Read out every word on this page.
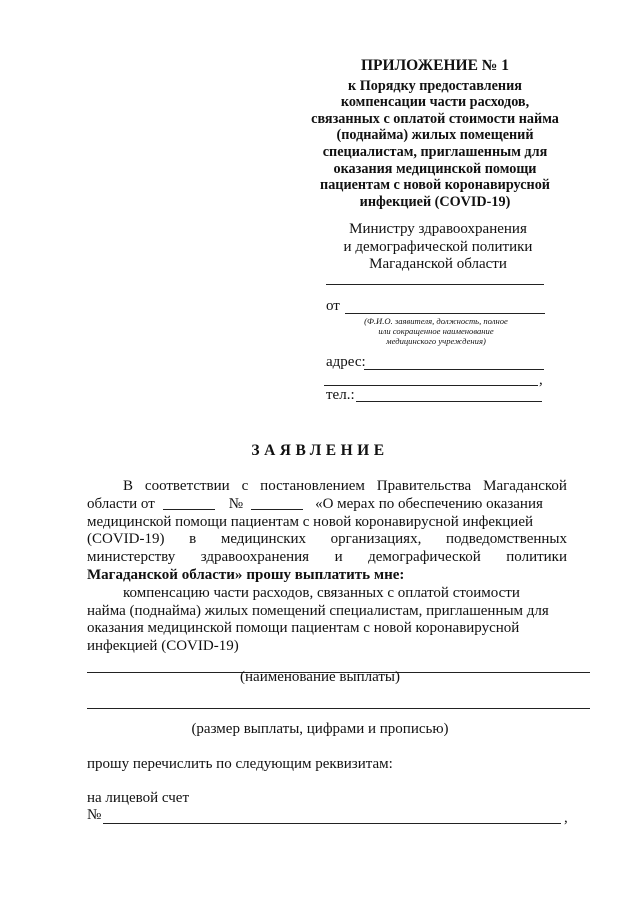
ПРИЛОЖЕНИЕ № 1
к Порядку предоставления
компенсации части расходов,
связанных с оплатой стоимости найма
(поднайма) жилых помещений
специалистам, приглашенным для
оказания медицинской помощи
пациентам с новой коронавирусной
инфекцией (COVID-19)
Министру здравоохранения
и демографической политики
Магаданской области
от
(Ф.И.О. заявителя, должность, полное
или сокращенное наименование
медицинского учреждения)
адрес:
,
тел.:
ЗАЯВЛЕНИЕ
В соответствии с постановлением Правительства Магаданской
области от	№	«О мерах по обеспечению оказания
медицинской помощи пациентам с новой коронавирусной инфекцией
(COVID-19) в медицинских организациях, подведомственных
министерству здравоохранения и демографической политики
Магаданской области» прошу выплатить мне:
компенсацию части расходов, связанных с оплатой стоимости
найма (поднайма) жилых помещений специалистам, приглашенным для
оказания медицинской помощи пациентам с новой коронавирусной
инфекцией (COVID-19)
(наименование выплаты)
(размер выплаты, цифрами и прописью)
прошу перечислить по следующим реквизитам:
на лицевой счет
№	,
